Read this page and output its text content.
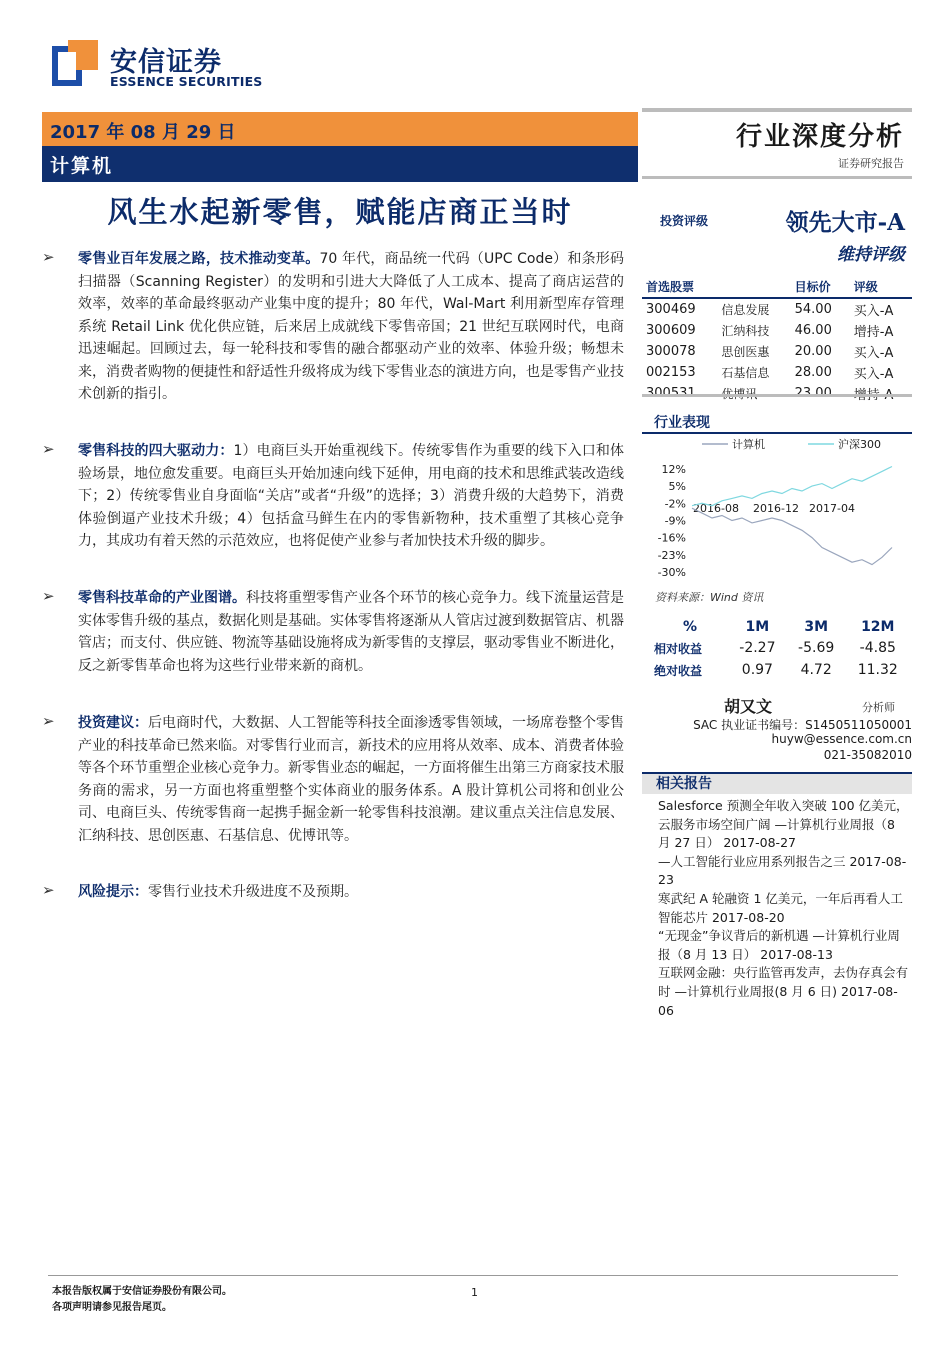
安信证券
ESSENCE SECURITIES
2017 年 08 月 29 日
计算机
行业深度分析
证券研究报告
风生水起新零售，赋能店商正当时	投资评级	领先大市-A
维持评级
➢ 零售业百年发展之路，技术推动变革。70 年代，商品统一代码（UPC Code）和条形码扫描器（Scanning Register）的发明和引进大大降低了人工成本、提高了商店运营的效率，效率的革命最终驱动产业集中度的提升；80 年代，Wal-Mart 利用新型库存管理系统 Retail Link 优化供应链，后来居上成就线下零售帝国；21 世纪互联网时代，电商迅速崛起。回顾过去，每一轮科技和零售的融合都驱动产业的效率、体验升级；畅想未来，消费者购物的便捷性和舒适性升级将成为线下零售业态的演进方向，也是零售产业技术创新的指引。
➢ 零售科技的四大驱动力：1）电商巨头开始重视线下。传统零售作为重要的线下入口和体验场景，地位愈发重要。电商巨头开始加速向线下延伸，用电商的技术和思维武装改造线下；2）传统零售业自身面临“关店”或者“升级”的选择；3）消费升级的大趋势下，消费体验倒逼产业技术升级；4）包括盒马鲜生在内的零售新物种，技术重塑了其核心竞争力，其成功有着天然的示范效应，也将促使产业参与者加快技术升级的脚步。
➢ 零售科技革命的产业图谱。科技将重塑零售产业各个环节的核心竞争力。线下流量运营是实体零售升级的基点，数据化则是基础。实体零售将逐渐从人管店过渡到数据管店、机器管店；而支付、供应链、物流等基础设施将成为新零售的支撑层，驱动零售业不断进化，反之新零售革命也将为这些行业带来新的商机。
➢ 投资建议：后电商时代，大数据、人工智能等科技全面渗透零售领域，一场席卷整个零售产业的科技革命已然来临。对零售行业而言，新技术的应用将从效率、成本、消费者体验等各个环节重塑企业核心竞争力。新零售业态的崛起，一方面将催生出第三方商家技术服务商的需求，另一方面也将重塑整个实体商业的服务体系。A 股计算机公司将和创业公司、电商巨头、传统零售商一起携手掘金新一轮零售科技浪潮。建议重点关注信息发展、汇纳科技、思创医惠、石基信息、优博讯等。
➢ 风险提示：零售行业技术升级进度不及预期。
首选股票		目标价	评级
300469	信息发展	54.00	买入-A
300609	汇纳科技	46.00	增持-A
300078	思创医惠	20.00	买入-A
002153	石基信息	28.00	买入-A

行业表现
计算机	沪深300
12%
5%
-2%
-9%
-16%
-23%
-30%
2016-08 2016-12 2017-04
资料来源：Wind 资讯
%	1M	3M	12M
相对收益	-2.27	-5.69	-4.85
绝对收益	0.97	4.72	11.32
胡又文	分析师
SAC 执业证书编号：S1450511050001
huyw@essence.com.cn
021-35082010
相关报告
Salesforce 预测全年收入突破 100 亿美元，云服务市场空间广阔 —计算机行业周报（8 月 27 日） 2017-08-27
—人工智能行业应用系列报告之三 2017-08-23
寒武纪 A 轮融资 1 亿美元，一年后再看人工智能芯片 2017-08-20
“无现金”争议背后的新机遇 —计算机行业周报（8 月 13 日） 2017-08-13
互联网金融：央行监管再发声，去伪存真会有时 —计算机行业周报(8 月 6 日) 2017-08-06
本报告版权属于安信证券股份有限公司。
各项声明请参见报告尾页。
1
